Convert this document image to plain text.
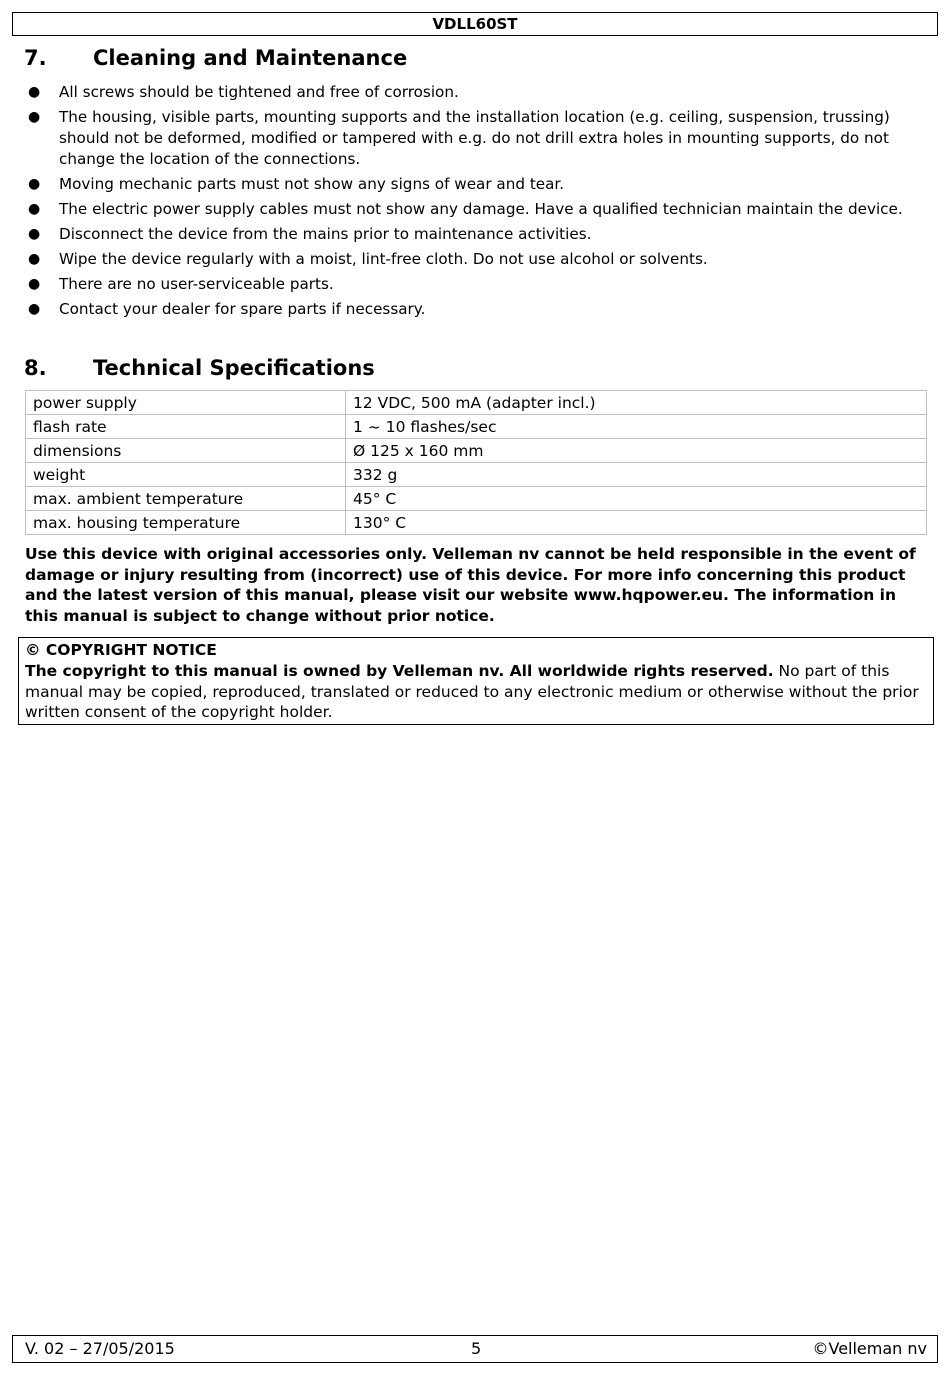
VDLL60ST
7.	Cleaning and Maintenance
● All screws should be tightened and free of corrosion.
● The housing, visible parts, mounting supports and the installation location (e.g. ceiling, suspension, trussing) should not be deformed, modified or tampered with e.g. do not drill extra holes in mounting supports, do not change the location of the connections.
● Moving mechanic parts must not show any signs of wear and tear.
● The electric power supply cables must not show any damage. Have a qualified technician maintain the device.
● Disconnect the device from the mains prior to maintenance activities.
● Wipe the device regularly with a moist, lint-free cloth. Do not use alcohol or solvents.
● There are no user-serviceable parts.
● Contact your dealer for spare parts if necessary.
8.	Technical Specifications
power supply	12 VDC, 500 mA (adapter incl.)
flash rate	1 ~ 10 flashes/sec
dimensions	Ø 125 x 160 mm
weight	332 g
max. ambient temperature	45° C
max. housing temperature	130° C
Use this device with original accessories only. Velleman nv cannot be held responsible in the event of damage or injury resulting from (incorrect) use of this device. For more info concerning this product and the latest version of this manual, please visit our website www.hqpower.eu. The information in this manual is subject to change without prior notice.
© COPYRIGHT NOTICE
The copyright to this manual is owned by Velleman nv. All worldwide rights reserved. No part of this manual may be copied, reproduced, translated or reduced to any electronic medium or otherwise without the prior written consent of the copyright holder.
V. 02 – 27/05/2015	5	©Velleman nv
